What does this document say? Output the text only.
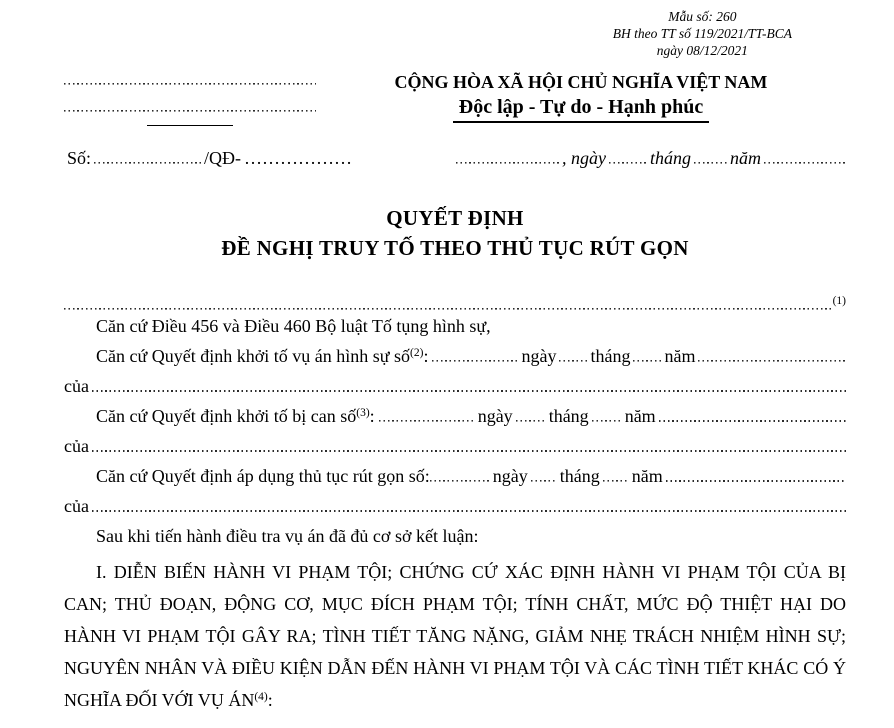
Mẫu số: 260
BH theo TT số 119/2021/TT-BCA
ngày 08/12/2021
CỘNG HÒA XÃ HỘI CHỦ NGHĨA VIỆT NAM
Độc lập - Tự do - Hạnh phúc
Số:	/QĐ- ………………	, ngày tháng năm
QUYẾT ĐỊNH
ĐỀ NGHỊ TRUY TỐ THEO THỦ TỤC RÚT GỌN
(1)
Căn cứ Điều 456 và Điều 460 Bộ luật Tố tụng hình sự,
Căn cứ Quyết định khởi tố vụ án hình sự số$^{(2)}$:	ngày tháng năm
của
Căn cứ Quyết định khởi tố bị can số$^{(3)}$:	ngày tháng năm
của
Căn cứ Quyết định áp dụng thủ tục rút gọn số:	ngày tháng năm
của
Sau khi tiến hành điều tra vụ án đã đủ cơ sở kết luận:

I. DIỄN BIẾN HÀNH VI PHẠM TỘI; CHỨNG CỨ XÁC ĐỊNH HÀNH VI PHẠM TỘI CỦA BỊ CAN; THỦ ĐOẠN, ĐỘNG CƠ, MỤC ĐÍCH PHẠM TỘI; TÍNH CHẤT, MỨC ĐỘ THIỆT HẠI DO HÀNH VI PHẠM TỘI GÂY RA; TÌNH TIẾT TĂNG NẶNG, GIẢM NHẸ TRÁCH NHIỆM HÌNH SỰ; NGUYÊN NHÂN VÀ ĐIỀU KIỆN DẪN ĐẾN HÀNH VI PHẠM TỘI VÀ CÁC TÌNH TIẾT KHÁC CÓ Ý NGHĨA ĐỐI VỚI VỤ ÁN$^{(4)}$:
